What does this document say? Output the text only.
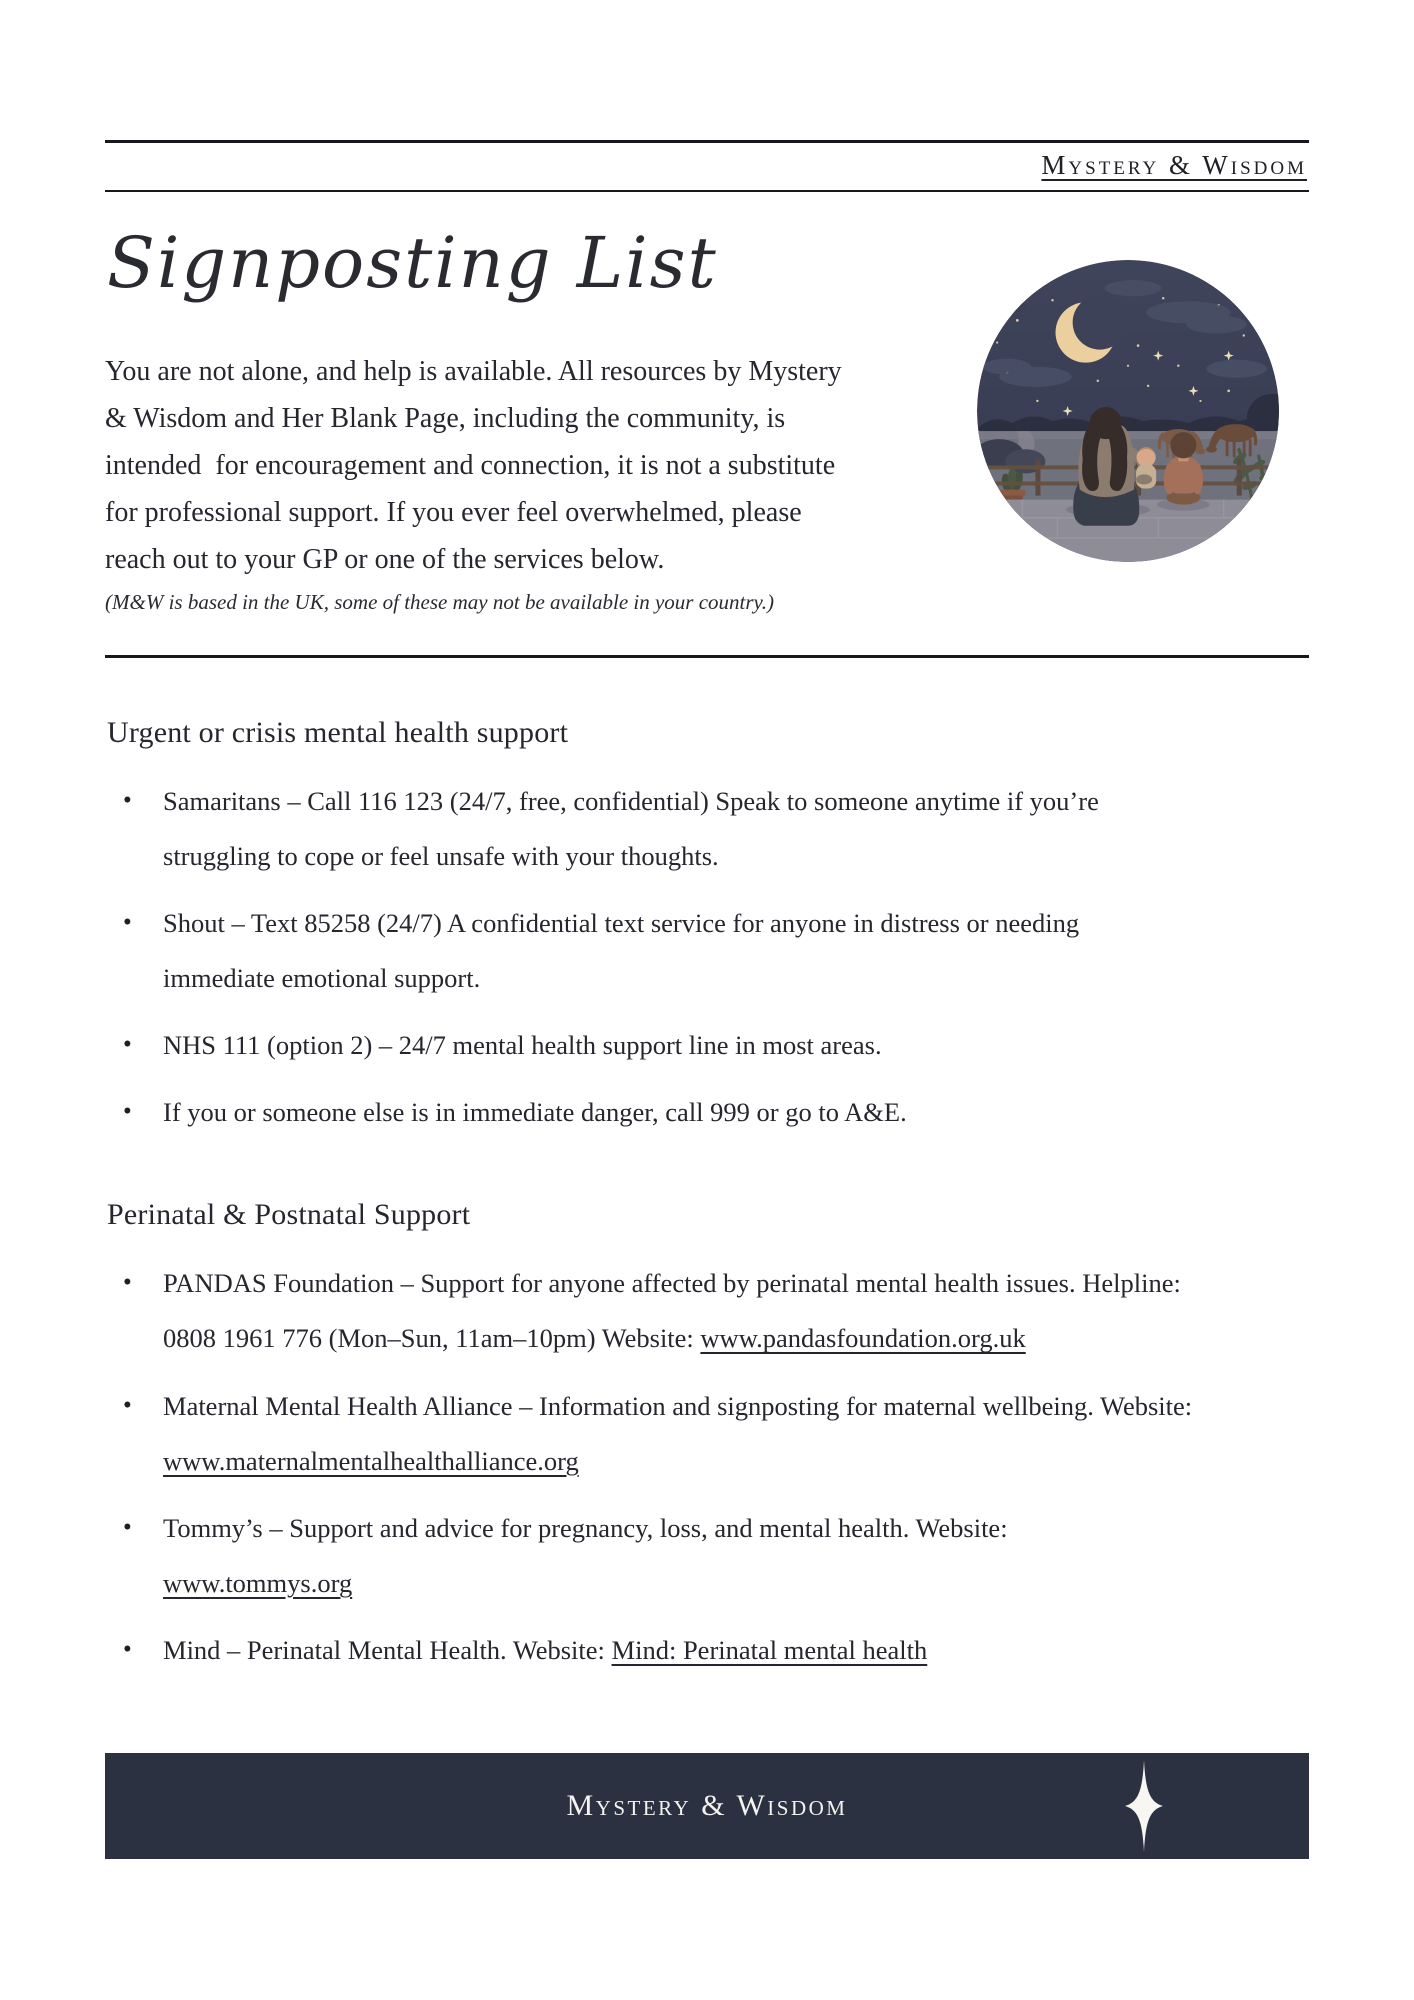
Mystery & Wisdom
Signposting List

You are not alone, and help is available. All resources by Mystery & Wisdom and Her Blank Page, including the community, is intended  for encouragement and connection, it is not a substitute for professional support. If you ever feel overwhelmed, please reach out to your GP or one of the services below.

(M&W is based in the UK, some of these may not be available in your country.)
Urgent or crisis mental health support
• Samaritans – Call 116 123 (24/7, free, confidential) Speak to someone anytime if you’re struggling to cope or feel unsafe with your thoughts.
• Shout – Text 85258 (24/7) A confidential text service for anyone in distress or needing immediate emotional support.
• NHS 111 (option 2) – 24/7 mental health support line in most areas.
• If you or someone else is in immediate danger, call 999 or go to A&E.
Perinatal & Postnatal Support
• PANDAS Foundation – Support for anyone affected by perinatal mental health issues. Helpline: 0808 1961 776 (Mon–Sun, 11am–10pm) Website: www.pandasfoundation.org.uk
• Maternal Mental Health Alliance – Information and signposting for maternal wellbeing. Website: www.maternalmentalhealthalliance.org
• Tommy’s – Support and advice for pregnancy, loss, and mental health. Website: www.tommys.org
• Mind – Perinatal Mental Health. Website: Mind: Perinatal mental health
Mystery & Wisdom
